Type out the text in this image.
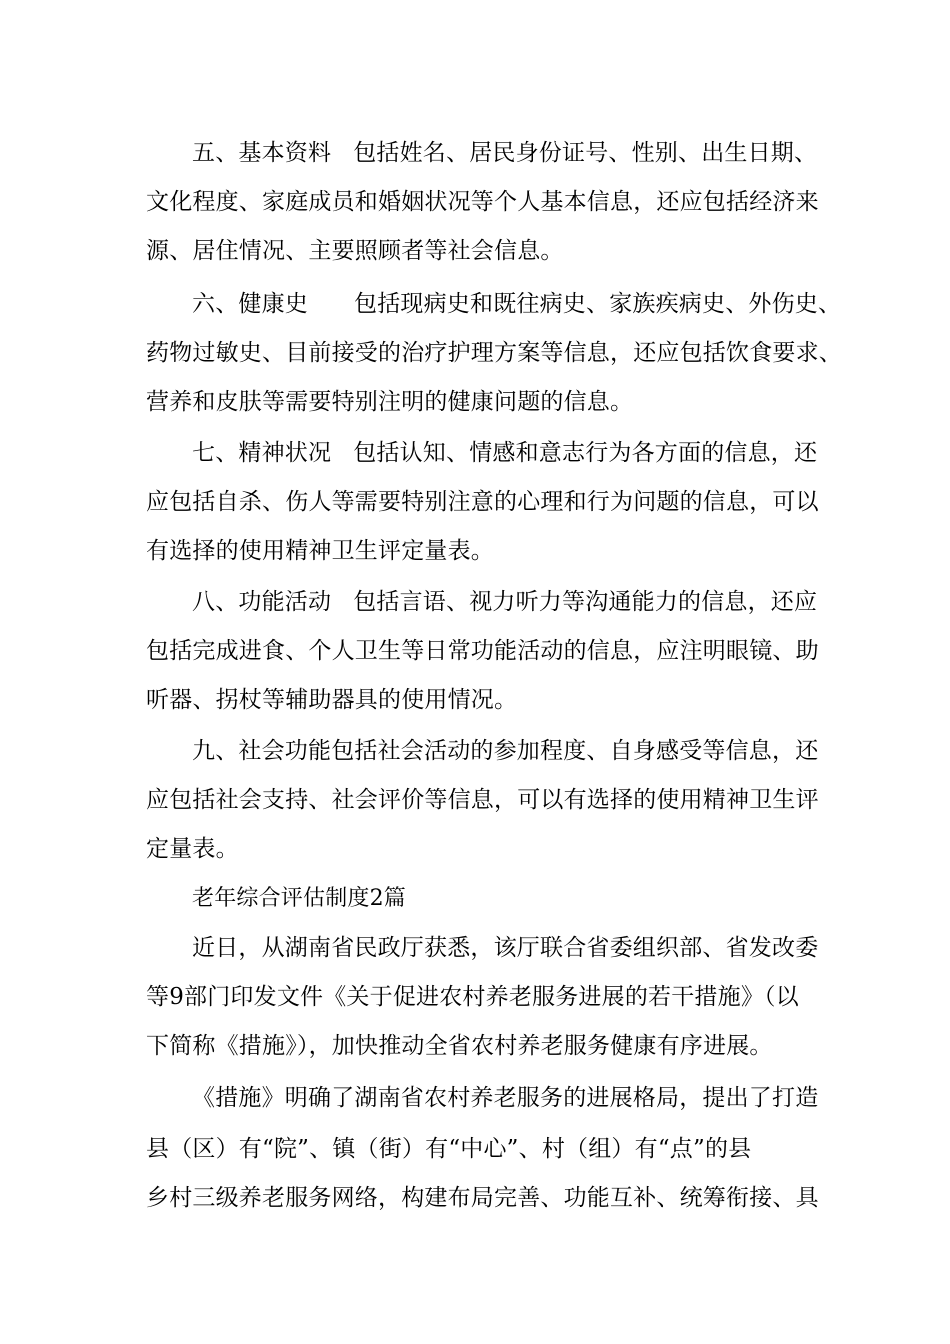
五、基本资料 包括姓名、居民身份证号、性别、出生日期、
文化程度、家庭成员和婚姻状况等个人基本信息，还应包括经济来
源、居住情况、主要照顾者等社会信息。
六、健康史 包括现病史和既往病史、家族疾病史、外伤史、
药物过敏史、目前接受的治疗护理方案等信息，还应包括饮食要求、
营养和皮肤等需要特别注明的健康问题的信息。
七、精神状况 包括认知、情感和意志行为各方面的信息，还
应包括自杀、伤人等需要特别注意的心理和行为问题的信息，可以
有选择的使用精神卫生评定量表。
八、功能活动 包括言语、视力听力等沟通能力的信息，还应
包括完成进食、个人卫生等日常功能活动的信息，应注明眼镜、助
听器、拐杖等辅助器具的使用情况。
九、社会功能包括社会活动的参加程度、自身感受等信息，还
应包括社会支持、社会评价等信息，可以有选择的使用精神卫生评
定量表。
老年综合评估制度2篇
近日，从湖南省民政厅获悉，该厅联合省委组织部、省发改委
等9部门印发文件《关于促进农村养老服务进展的若干措施》（以
下简称《措施》），加快推动全省农村养老服务健康有序进展。
《措施》明确了湖南省农村养老服务的进展格局，提出了打造
县（区）有“院”、镇（街）有“中心”、村（组）有“点”的县
乡村三级养老服务网络，构建布局完善、功能互补、统筹衔接、具
